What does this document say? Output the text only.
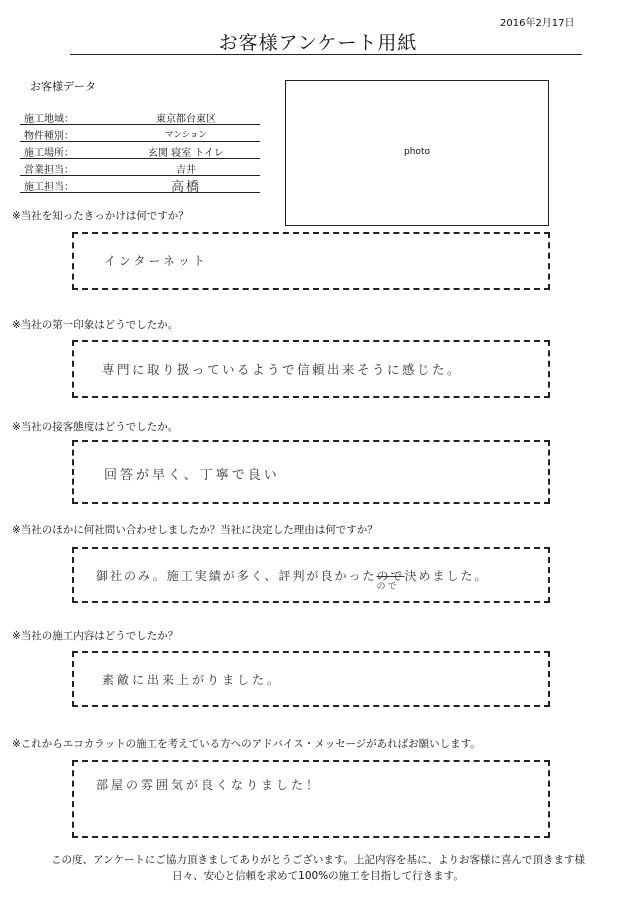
2016年2月17日
お客様アンケート用紙
お客様データ
施工地域：	東京都台東区
物件種別：	マンション
施工場所：	玄関 寝室 トイレ
営業担当：	吉井
施工担当：	高橋
photo
※当社を知ったきっかけは何ですか？
インターネット
※当社の第一印象はどうでしたか。
専門に取り扱っているようで信頼出来そうに感じた。
※当社の接客態度はどうでしたか。
回答が早く、丁寧で良い
※当社のほかに何社問い合わせしましたか？当社に決定した理由は何ですか？
御社のみ。施工実績が多く、評判が良かったので
ので
決めました。
※当社の施工内容はどうでしたか？
素敵に出来上がりました。
※これからエコカラットの施工を考えている方へのアドバイス・メッセージがあればお願いします。
部屋の雰囲気が良くなりました！
この度、アンケートにご協力頂きましてありがとうございます。上記内容を基に、よりお客様に喜んで頂きます様
日々、安心と信頼を求めて100%の施工を目指して行きます。
